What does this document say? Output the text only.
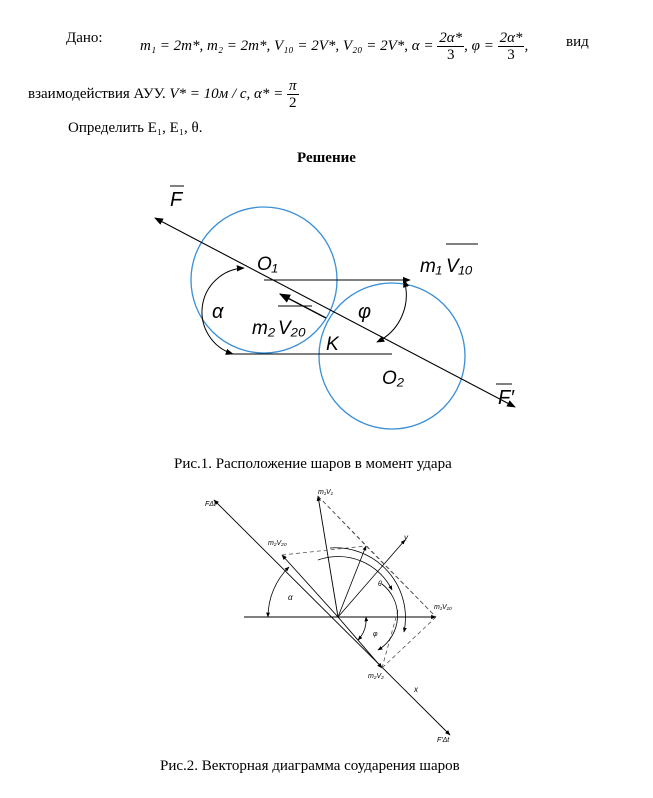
Дано: m₁ = 2m*, m₂ = 2m*, V₁₀ = 2V*, V₂₀ = 2V*, $\alpha = \frac{2\alpha*}{3}$ , $\varphi = \frac{2\alpha*}{3}$ ,	вид
взаимодействия АУУ. V* = 10м / с, $\alpha* = \frac{\pi}{2}$
Определить E₁, E₁, θ.
Решение
F
F′
O₁
O₂
K
α	φ
m₁ V₁₀
m₂ V₂₀
Рис.1. Расположение шаров в момент удара
FΔt
m₁V₁
m₂V₂₀
m₁V₁₀
m₂V₂
y
x
α
θ
φ
F′Δt
Рис.2. Векторная диаграмма соударения шаров
